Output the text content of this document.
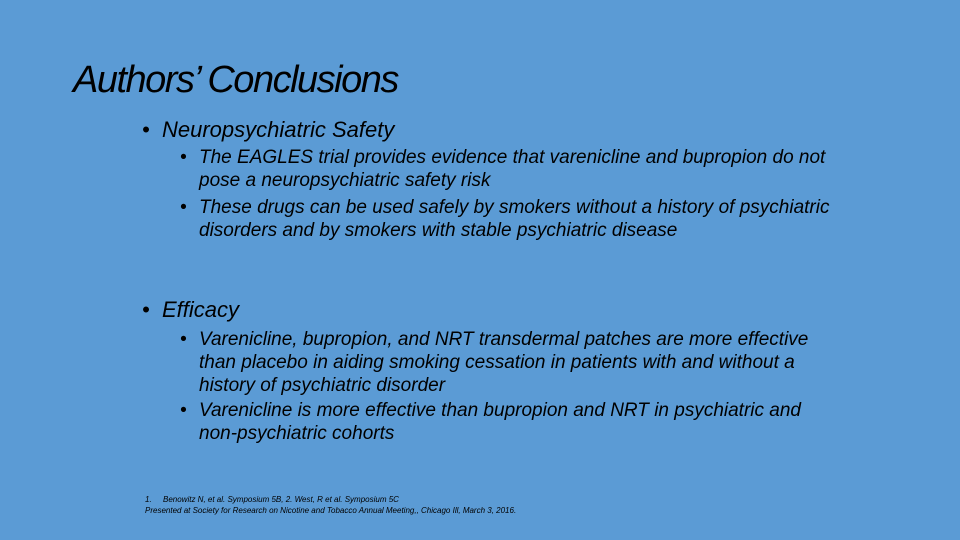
Authors’ Conclusions
• Neuropsychiatric Safety
• The EAGLES trial provides evidence that varenicline and bupropion do not pose a neuropsychiatric safety risk
• These drugs can be used safely by smokers without a history of psychiatric disorders and by smokers with stable psychiatric disease
• Efficacy
• Varenicline, bupropion, and NRT transdermal patches are more effective than placebo in aiding smoking cessation in patients with and without a history of psychiatric disorder
• Varenicline is more effective than bupropion and NRT in psychiatric and non-psychiatric cohorts
1. Benowitz N, et al. Symposium 5B, 2. West, R et al. Symposium 5C
Presented at Society for Research on Nicotine and Tobacco Annual Meeting,, Chicago Ill, March 3, 2016.
